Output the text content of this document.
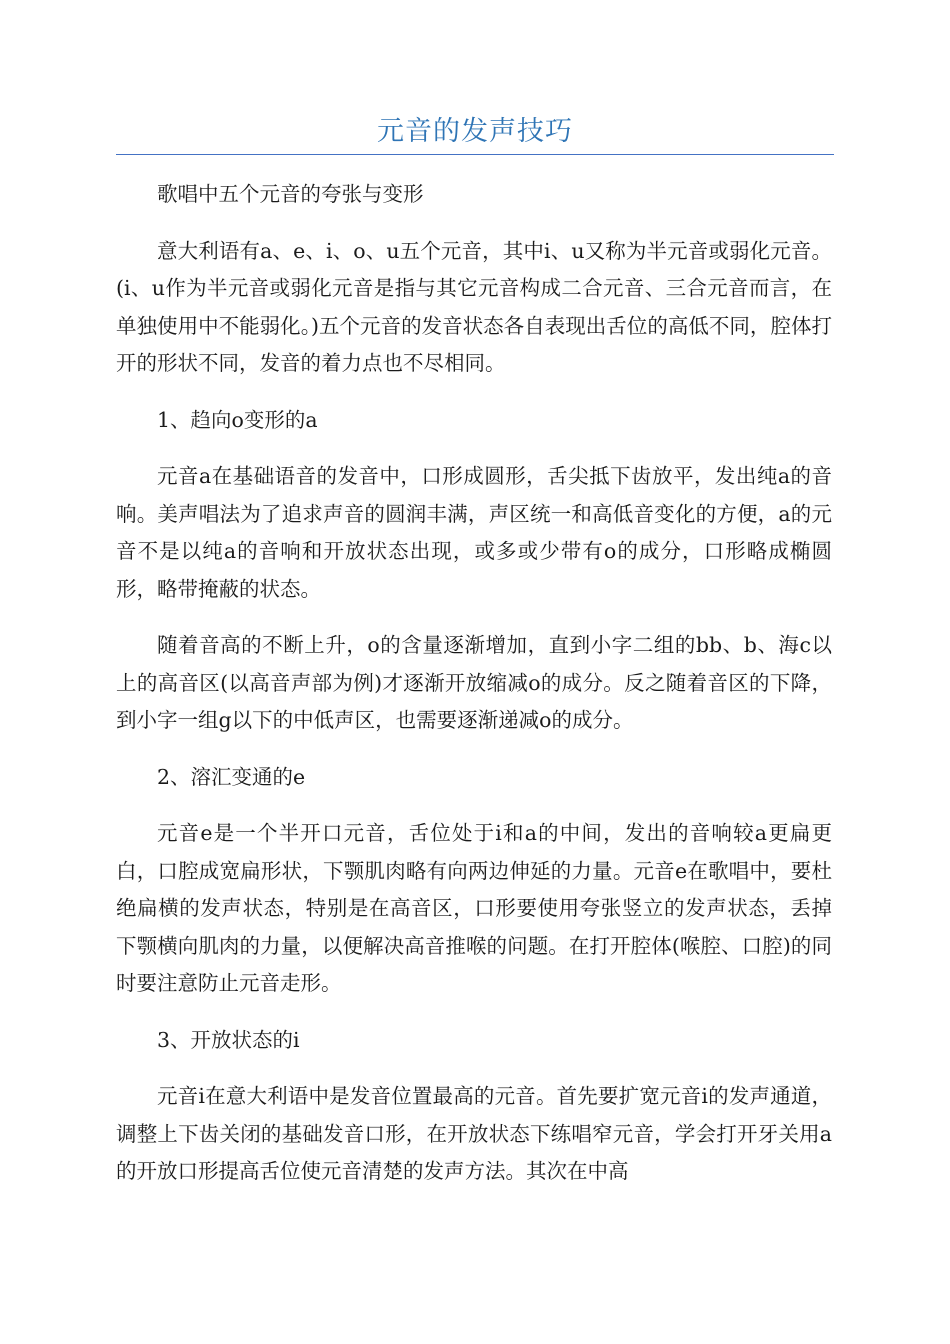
元音的发声技巧

歌唱中五个元音的夸张与变形

意大利语有a、e、i、o、u五个元音，其中i、u又称为半元音或弱化元音。(i、u作为半元音或弱化元音是指与其它元音构成二合元音、三合元音而言，在单独使用中不能弱化。)五个元音的发音状态各自表现出舌位的高低不同，腔体打开的形状不同，发音的着力点也不尽相同。

1、趋向o变形的a

元音a在基础语音的发音中，口形成圆形，舌尖抵下齿放平，发出纯a的音响。美声唱法为了追求声音的圆润丰满，声区统一和高低音变化的方便，a的元音不是以纯a的音响和开放状态出现，或多或少带有o的成分，口形略成椭圆形，略带掩蔽的状态。

随着音高的不断上升，o的含量逐渐增加，直到小字二组的bb、b、海c以上的高音区(以高音声部为例)才逐渐开放缩减o的成分。反之随着音区的下降，到小字一组g以下的中低声区，也需要逐渐递减o的成分。

2、溶汇变通的e

元音e是一个半开口元音，舌位处于i和a的中间，发出的音响较a更扁更白，口腔成宽扁形状，下颚肌肉略有向两边伸延的力量。元音e在歌唱中，要杜绝扁横的发声状态，特别是在高音区，口形要使用夸张竖立的发声状态，丢掉下颚横向肌肉的力量，以便解决高音推喉的问题。在打开腔体(喉腔、口腔)的同时要注意防止元音走形。

3、开放状态的i

元音i在意大利语中是发音位置最高的元音。首先要扩宽元音i的发声通道，调整上下齿关闭的基础发音口形，在开放状态下练唱窄元音，学会打开牙关用a的开放口形提高舌位使元音清楚的发声方法。其次在中高
